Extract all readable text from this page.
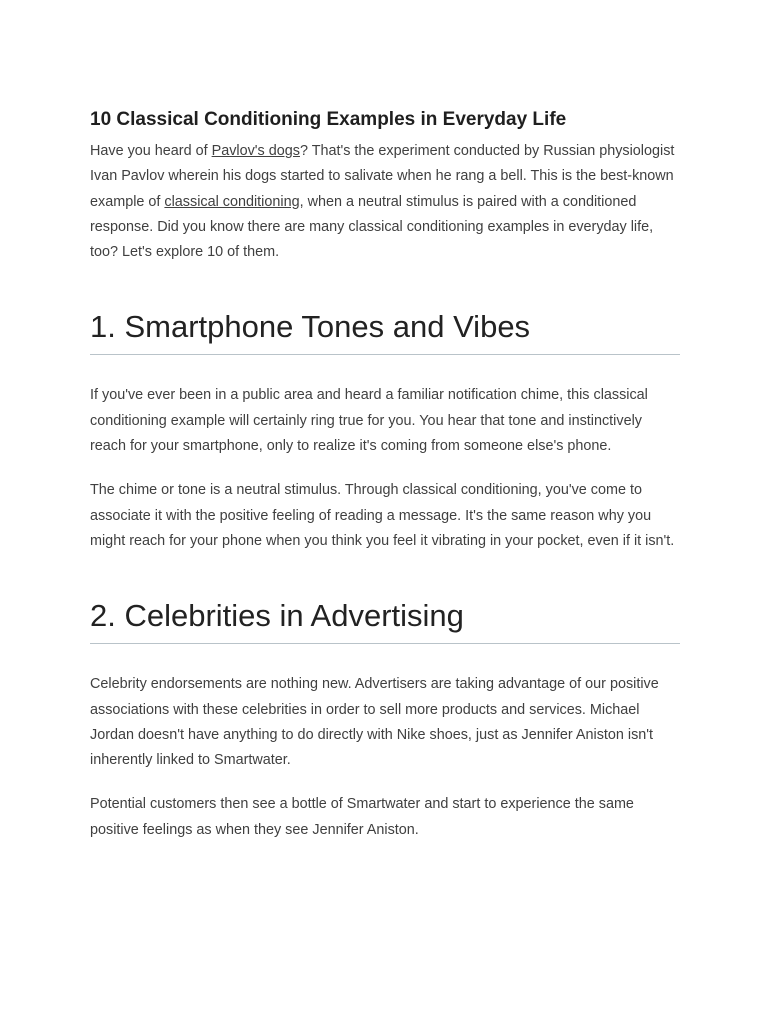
10 Classical Conditioning Examples in Everyday Life

Have you heard of Pavlov's dogs? That's the experiment conducted by Russian physiologist Ivan Pavlov wherein his dogs started to salivate when he rang a bell. This is the best-known example of classical conditioning, when a neutral stimulus is paired with a conditioned response. Did you know there are many classical conditioning examples in everyday life, too? Let's explore 10 of them.

1. Smartphone Tones and Vibes

If you've ever been in a public area and heard a familiar notification chime, this classical conditioning example will certainly ring true for you. You hear that tone and instinctively reach for your smartphone, only to realize it's coming from someone else's phone.

The chime or tone is a neutral stimulus. Through classical conditioning, you've come to associate it with the positive feeling of reading a message. It's the same reason why you might reach for your phone when you think you feel it vibrating in your pocket, even if it isn't.

2. Celebrities in Advertising

Celebrity endorsements are nothing new. Advertisers are taking advantage of our positive associations with these celebrities in order to sell more products and services. Michael Jordan doesn't have anything to do directly with Nike shoes, just as Jennifer Aniston isn't inherently linked to Smartwater.

Potential customers then see a bottle of Smartwater and start to experience the same positive feelings as when they see Jennifer Aniston.
